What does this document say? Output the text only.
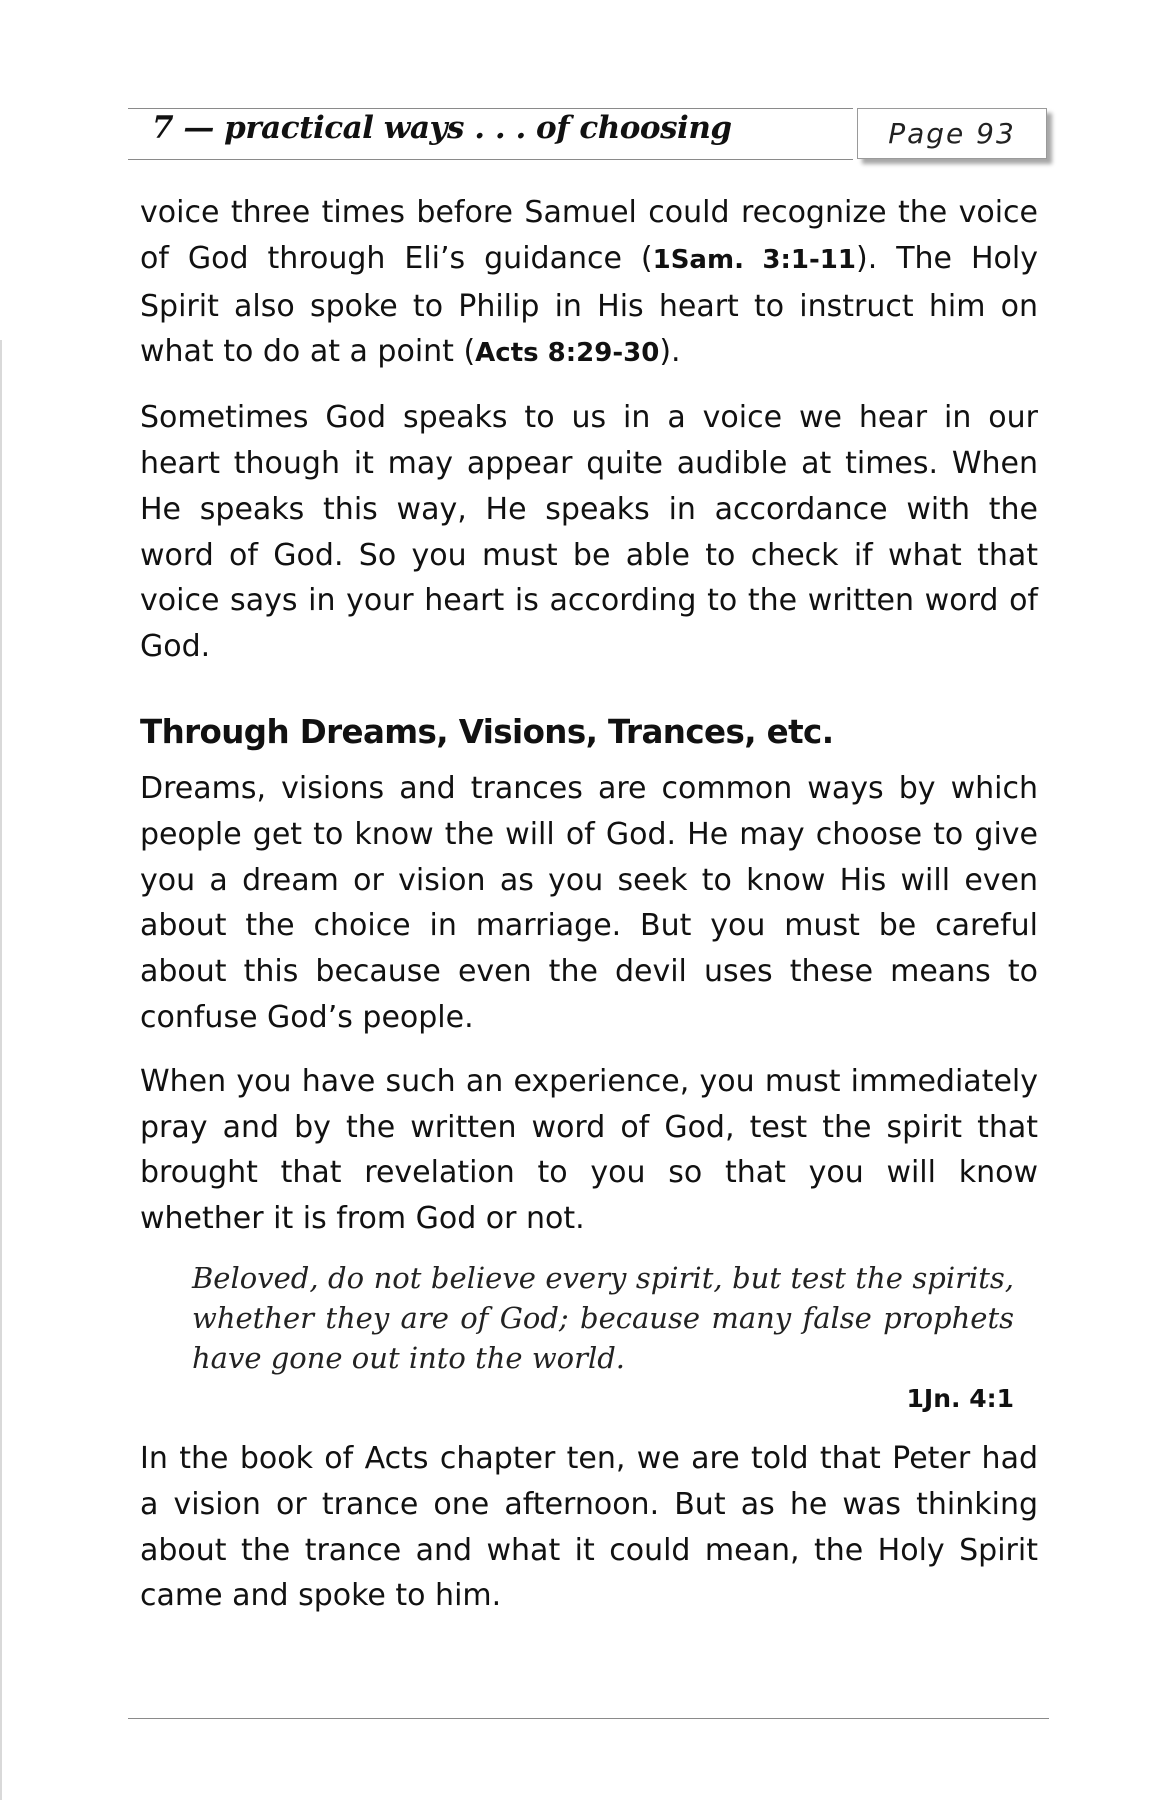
7 — practical ways . . . of choosing	Page 93

voice three times before Samuel could recognize the voice of God through Eli’s guidance (1Sam. 3:1-11). The Holy Spirit also spoke to Philip in His heart to instruct him on what to do at a point (Acts 8:29-30).

Sometimes God speaks to us in a voice we hear in our heart though it may appear quite audible at times. When He speaks this way, He speaks in accordance with the word of God. So you must be able to check if what that voice says in your heart is according to the written word of God.

Through Dreams, Visions, Trances, etc.

Dreams, visions and trances are common ways by which people get to know the will of God. He may choose to give you a dream or vision as you seek to know His will even about the choice in marriage. But you must be careful about this because even the devil uses these means to confuse God’s people.

When you have such an experience, you must immediately pray and by the written word of God, test the spirit that brought that revelation to you so that you will know whether it is from God or not.

Beloved, do not believe every spirit, but test the spirits, whether they are of God; because many false prophets have gone out into the world.

1Jn. 4:1

In the book of Acts chapter ten, we are told that Peter had a vision or trance one afternoon. But as he was thinking about the trance and what it could mean, the Holy Spirit came and spoke to him.
